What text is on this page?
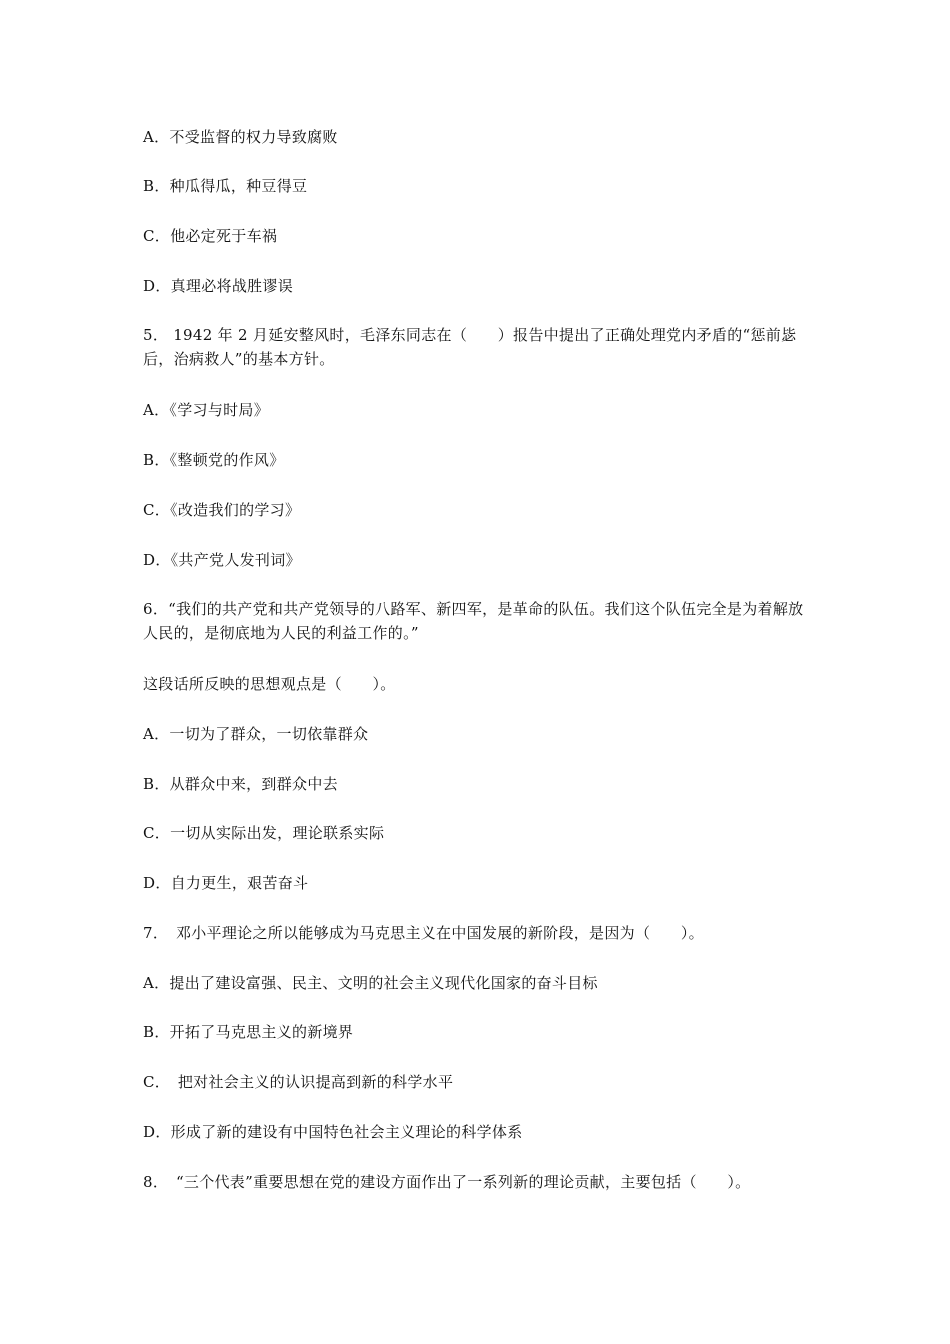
A．不受监督的权力导致腐败
B．种瓜得瓜，种豆得豆
C．他必定死于车祸
D．真理必将战胜谬误
5． 1942 年 2 月延安整风时，毛泽东同志在（　　）报告中提出了正确处理党内矛盾的“惩前毖后，治病救人”的基本方针。
A．《学习与时局》
B．《整顿党的作风》
C．《改造我们的学习》
D．《共产党人发刊词》
6．“我们的共产党和共产党领导的八路军、新四军，是革命的队伍。我们这个队伍完全是为着解放人民的，是彻底地为人民的利益工作的。”
这段话所反映的思想观点是（　　）。
A．一切为了群众，一切依靠群众
B．从群众中来，到群众中去
C．一切从实际出发，理论联系实际
D．自力更生，艰苦奋斗
7．　邓小平理论之所以能够成为马克思主义在中国发展的新阶段，是因为（　　）。
A．提出了建设富强、民主、文明的社会主义现代化国家的奋斗目标
B．开拓了马克思主义的新境界
C．　把对社会主义的认识提高到新的科学水平
D．形成了新的建设有中国特色社会主义理论的科学体系
8．　“三个代表”重要思想在党的建设方面作出了一系列新的理论贡献，主要包括（　　）。
